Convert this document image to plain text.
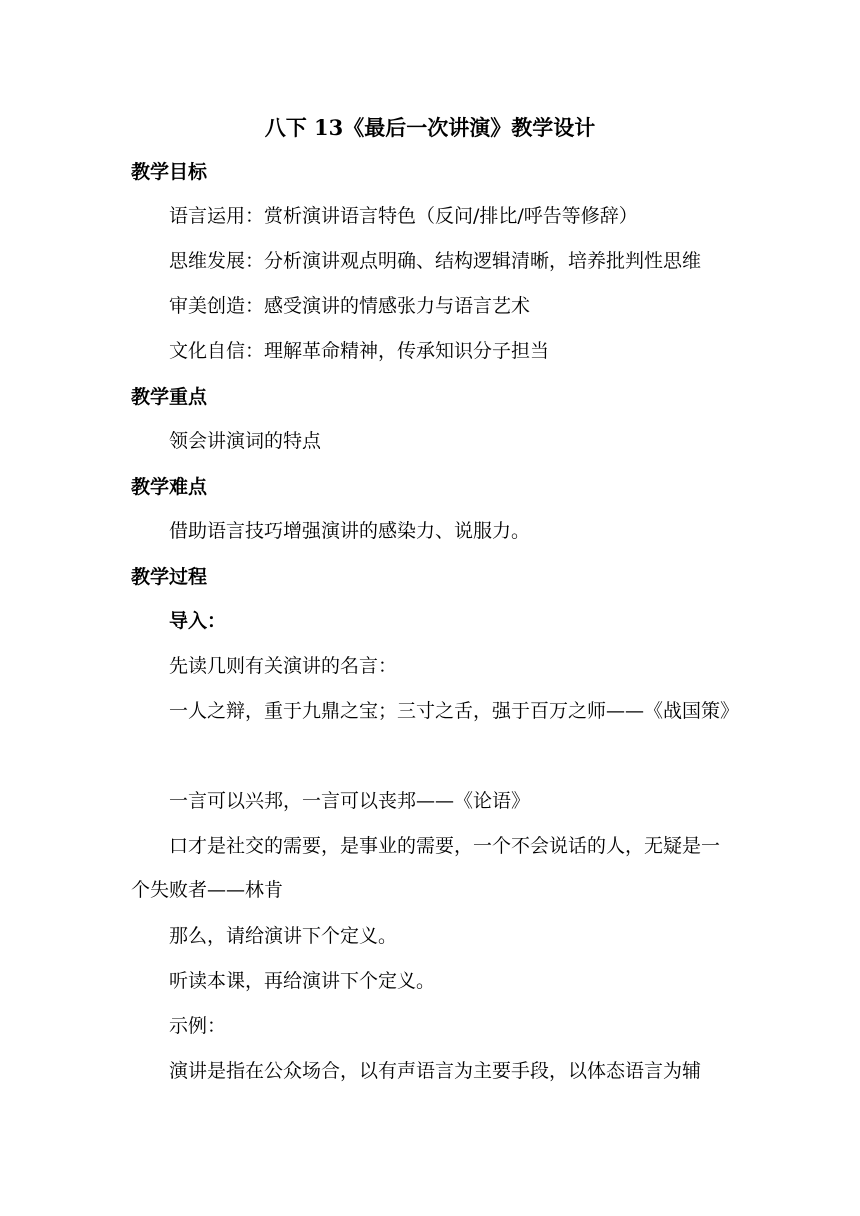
八下 13《最后一次讲演》教学设计
教学目标
语言运用：赏析演讲语言特色（反问/排比/呼告等修辞）
思维发展：分析演讲观点明确、结构逻辑清晰，培养批判性思维
审美创造：感受演讲的情感张力与语言艺术
文化自信：理解革命精神，传承知识分子担当
教学重点
领会讲演词的特点
教学难点
借助语言技巧增强演讲的感染力、说服力。
教学过程
导入：
先读几则有关演讲的名言：
一人之辩，重于九鼎之宝；三寸之舌，强于百万之师——《战国策》
一言可以兴邦，一言可以丧邦——《论语》
口才是社交的需要，是事业的需要，一个不会说话的人，无疑是一个失败者——林肯
那么，请给演讲下个定义。
听读本课，再给演讲下个定义。
示例：
演讲是指在公众场合，以有声语言为主要手段，以体态语言为辅
